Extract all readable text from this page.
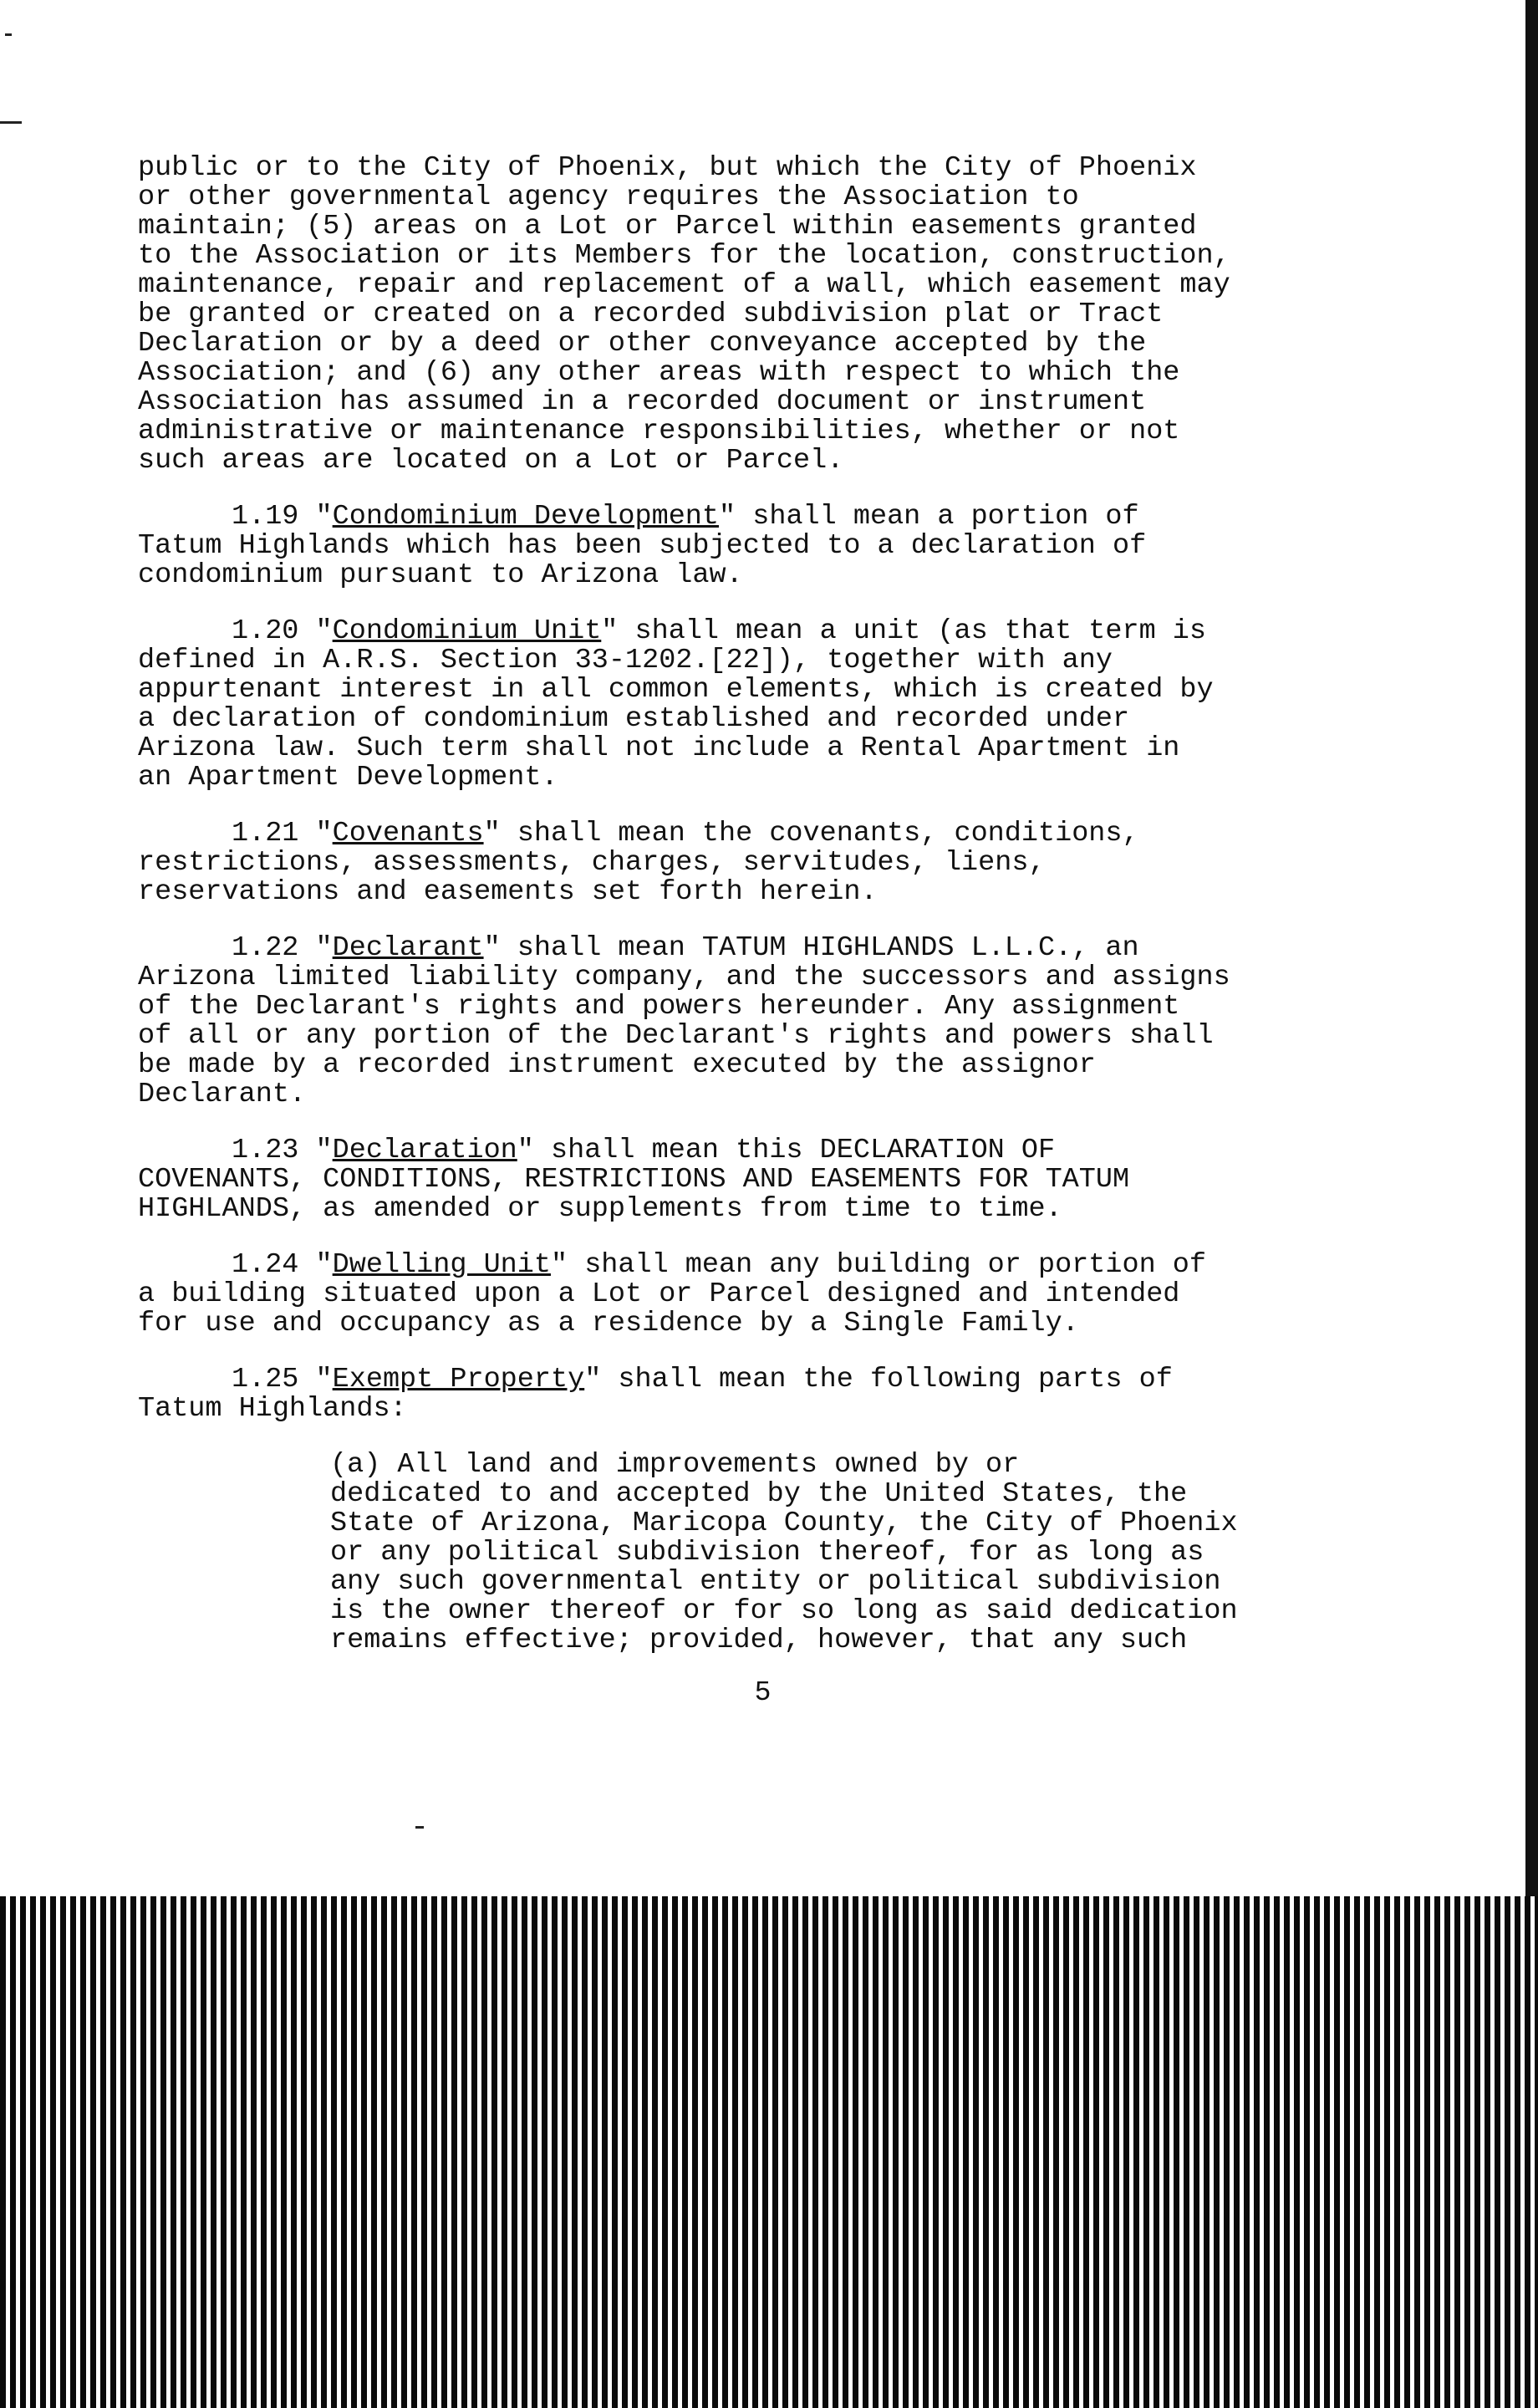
public or to the City of Phoenix, but which the City of Phoenix
or other governmental agency requires the Association to
maintain; (5) areas on a Lot or Parcel within easements granted
to the Association or its Members for the location, construction,
maintenance, repair and replacement of a wall, which easement may
be granted or created on a recorded subdivision plat or Tract
Declaration or by a deed or other conveyance accepted by the
Association; and (6) any other areas with respect to which the
Association has assumed in a recorded document or instrument
administrative or maintenance responsibilities, whether or not
such areas are located on a Lot or Parcel.

1.19 "Condominium Development" shall mean a portion of
Tatum Highlands which has been subjected to a declaration of
condominium pursuant to Arizona law.

1.20 "Condominium Unit" shall mean a unit (as that term is
defined in A.R.S. Section 33-1202.[22]), together with any
appurtenant interest in all common elements, which is created by
a declaration of condominium established and recorded under
Arizona law. Such term shall not include a Rental Apartment in
an Apartment Development.

1.21 "Covenants" shall mean the covenants, conditions,
restrictions, assessments, charges, servitudes, liens,
reservations and easements set forth herein.

1.22 "Declarant" shall mean TATUM HIGHLANDS L.L.C., an
Arizona limited liability company, and the successors and assigns
of the Declarant's rights and powers hereunder. Any assignment
of all or any portion of the Declarant's rights and powers shall
be made by a recorded instrument executed by the assignor
Declarant.

1.23 "Declaration" shall mean this DECLARATION OF
COVENANTS, CONDITIONS, RESTRICTIONS AND EASEMENTS FOR TATUM
HIGHLANDS, as amended or supplements from time to time.

1.24 "Dwelling Unit" shall mean any building or portion of
a building situated upon a Lot or Parcel designed and intended
for use and occupancy as a residence by a Single Family.

1.25 "Exempt Property" shall mean the following parts of
Tatum Highlands:

(a) All land and improvements owned by or
dedicated to and accepted by the United States, the
State of Arizona, Maricopa County, the City of Phoenix
or any political subdivision thereof, for as long as
any such governmental entity or political subdivision
is the owner thereof or for so long as said dedication
remains effective; provided, however, that any such

5
